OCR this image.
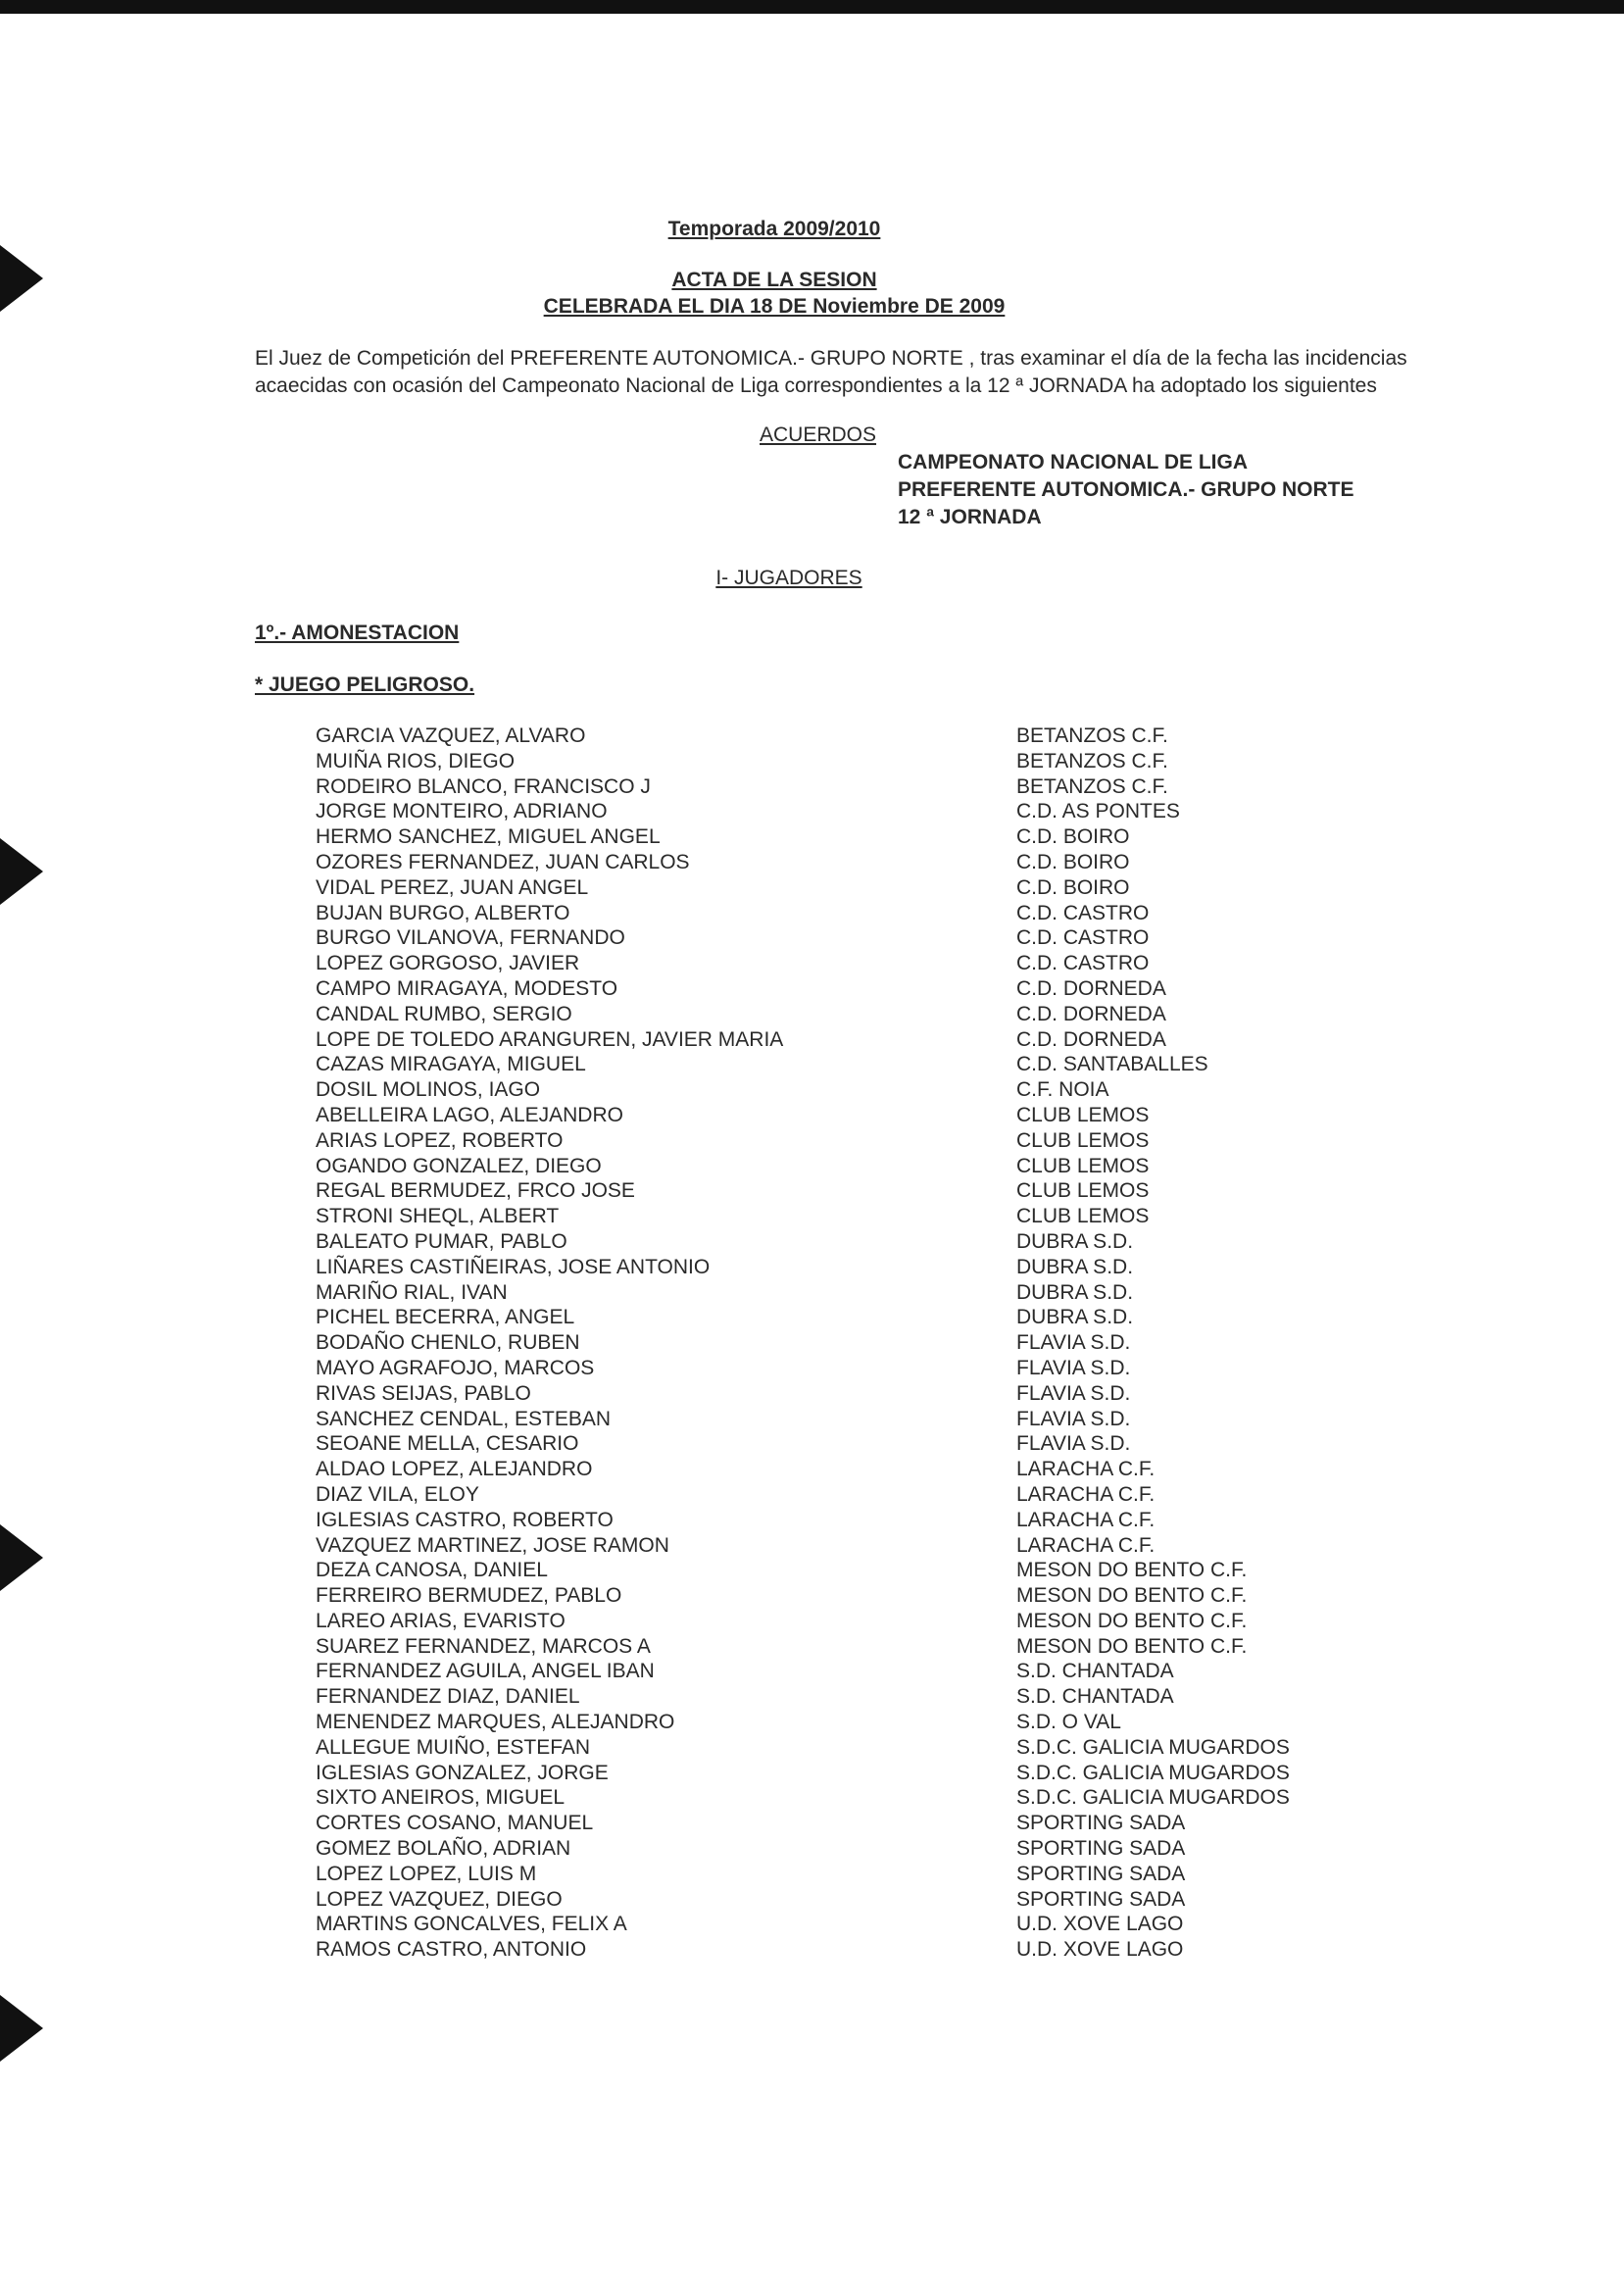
Temporada 2009/2010
ACTA DE LA SESION
CELEBRADA EL DIA 18 DE Noviembre DE 2009
El Juez de Competición del PREFERENTE AUTONOMICA.- GRUPO NORTE , tras examinar el día de la fecha las incidencias acaecidas con ocasión del Campeonato Nacional de Liga correspondientes a la 12 ª JORNADA ha adoptado los siguientes
ACUERDOS
CAMPEONATO NACIONAL DE LIGA
PREFERENTE AUTONOMICA.- GRUPO NORTE
12 ª JORNADA
I- JUGADORES
1º.- AMONESTACION
* JUEGO PELIGROSO.
GARCIA VAZQUEZ, ALVARO	BETANZOS C.F.
MUIÑA RIOS, DIEGO	BETANZOS C.F.
RODEIRO BLANCO, FRANCISCO J	BETANZOS C.F.
JORGE MONTEIRO, ADRIANO	C.D. AS PONTES
HERMO SANCHEZ, MIGUEL ANGEL	C.D. BOIRO
OZORES FERNANDEZ, JUAN CARLOS	C.D. BOIRO
VIDAL PEREZ, JUAN ANGEL	C.D. BOIRO
BUJAN BURGO, ALBERTO	C.D. CASTRO
BURGO VILANOVA, FERNANDO	C.D. CASTRO
LOPEZ GORGOSO, JAVIER	C.D. CASTRO
CAMPO MIRAGAYA, MODESTO	C.D. DORNEDA
CANDAL RUMBO, SERGIO	C.D. DORNEDA
LOPE DE TOLEDO ARANGUREN, JAVIER MARIA	C.D. DORNEDA
CAZAS MIRAGAYA, MIGUEL	C.D. SANTABALLES
DOSIL MOLINOS, IAGO	C.F. NOIA
ABELLEIRA LAGO, ALEJANDRO	CLUB LEMOS
ARIAS LOPEZ, ROBERTO	CLUB LEMOS
OGANDO GONZALEZ, DIEGO	CLUB LEMOS
REGAL BERMUDEZ, FRCO JOSE	CLUB LEMOS
STRONI SHEQL, ALBERT	CLUB LEMOS
BALEATO PUMAR, PABLO	DUBRA S.D.
LIÑARES CASTIÑEIRAS, JOSE ANTONIO	DUBRA S.D.
MARIÑO RIAL, IVAN	DUBRA S.D.
PICHEL BECERRA, ANGEL	DUBRA S.D.
BODAÑO CHENLO, RUBEN	FLAVIA S.D.
MAYO AGRAFOJO, MARCOS	FLAVIA S.D.
RIVAS SEIJAS, PABLO	FLAVIA S.D.
SANCHEZ CENDAL, ESTEBAN	FLAVIA S.D.
SEOANE MELLA, CESARIO	FLAVIA S.D.
ALDAO LOPEZ, ALEJANDRO	LARACHA C.F.
DIAZ VILA, ELOY	LARACHA C.F.
IGLESIAS CASTRO, ROBERTO	LARACHA C.F.
VAZQUEZ MARTINEZ, JOSE RAMON	LARACHA C.F.
DEZA CANOSA, DANIEL	MESON DO BENTO C.F.
FERREIRO BERMUDEZ, PABLO	MESON DO BENTO C.F.
LAREO ARIAS, EVARISTO	MESON DO BENTO C.F.
SUAREZ FERNANDEZ, MARCOS A	MESON DO BENTO C.F.
FERNANDEZ AGUILA, ANGEL IBAN	S.D. CHANTADA
FERNANDEZ DIAZ, DANIEL	S.D. CHANTADA
MENENDEZ MARQUES, ALEJANDRO	S.D. O VAL
ALLEGUE MUIÑO, ESTEFAN	S.D.C. GALICIA MUGARDOS
IGLESIAS GONZALEZ, JORGE	S.D.C. GALICIA MUGARDOS
SIXTO ANEIROS, MIGUEL	S.D.C. GALICIA MUGARDOS
CORTES COSANO, MANUEL	SPORTING SADA
GOMEZ BOLAÑO, ADRIAN	SPORTING SADA
LOPEZ LOPEZ, LUIS M	SPORTING SADA
LOPEZ VAZQUEZ, DIEGO	SPORTING SADA
MARTINS GONCALVES, FELIX A	U.D. XOVE LAGO
RAMOS CASTRO, ANTONIO	U.D. XOVE LAGO
